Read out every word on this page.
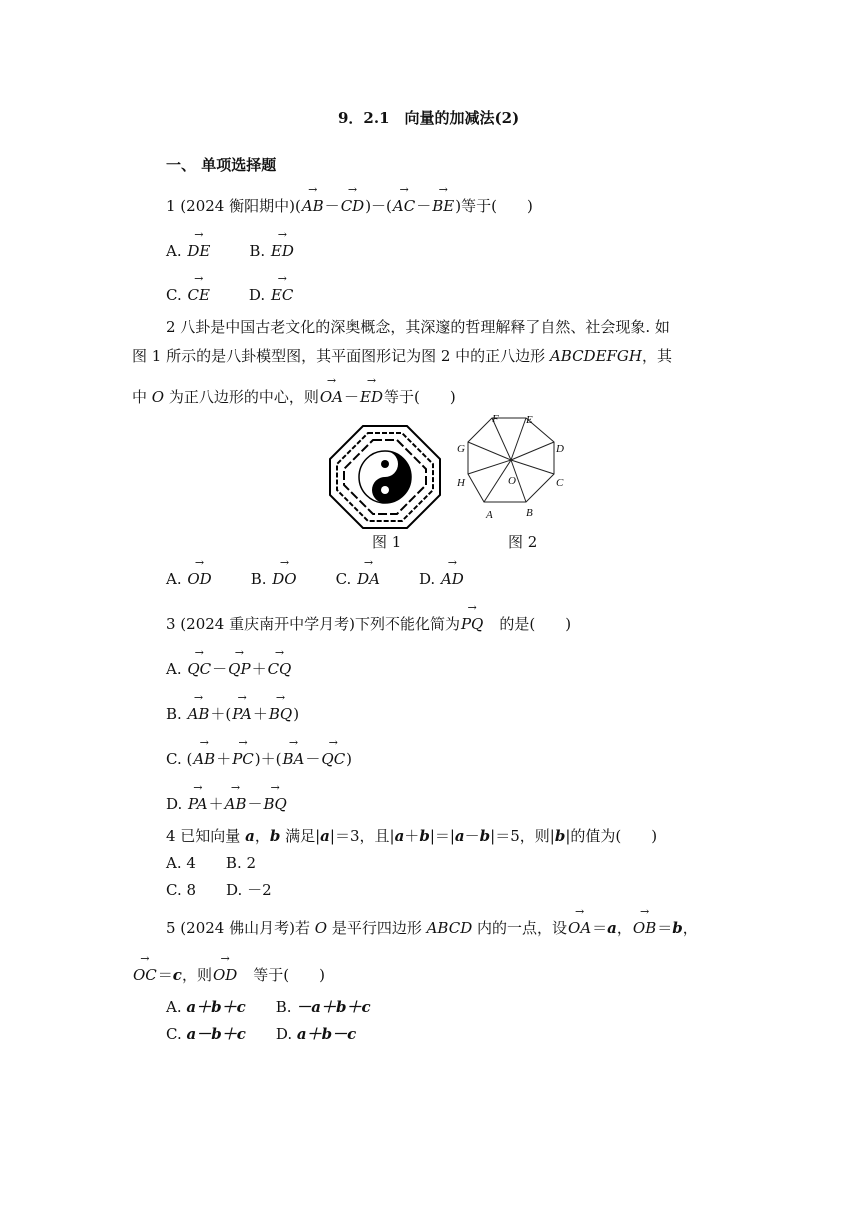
9．2.1　向量的加减法(2)
一、 单项选择题
1 (2024 衡阳期中)(→ AB－→ CD)－(→ AC－→ BE)等于(　　)
A. → DE	B. → ED
C. → CE	D. → EC
2 八卦是中国古老文化的深奥概念，其深邃的哲理解释了自然、社会现象. 如
图 1 所示的是八卦模型图，其平面图形记为图 2 中的正八边形 ABCDEFGH，其
中 O 为正八边形的中心，则→ OA－→ ED等于(　　)
图 1
A	B
C
D
E
F
G
H	O
图 2
A. → OD	B. → DO	C. → DA	D. → AD
3 (2024 重庆南开中学月考)下列不能化简为→ PQ　的是(　　)
A. → QC－→ QP＋→ CQ
B. → AB＋(→ PA＋→ BQ)
C. (→ AB＋→ PC)＋(→ BA－→ QC)
D. → PA＋→ AB－→ BQ
4 已知向量 a，b 满足|a|＝3，且|a＋b|＝|a－b|＝5，则|b|的值为(　　)
A. 4 B. 2
C. 8 D. －2
5 (2024 佛山月考)若 O 是平行四边形 ABCD 内的一点，设→ OA＝a，→ OB＝b，
→ OC＝c，则→ OD　等于(　　)
A. a＋b＋c B. －a＋b＋c
C. a－b＋c D. a＋b－c
